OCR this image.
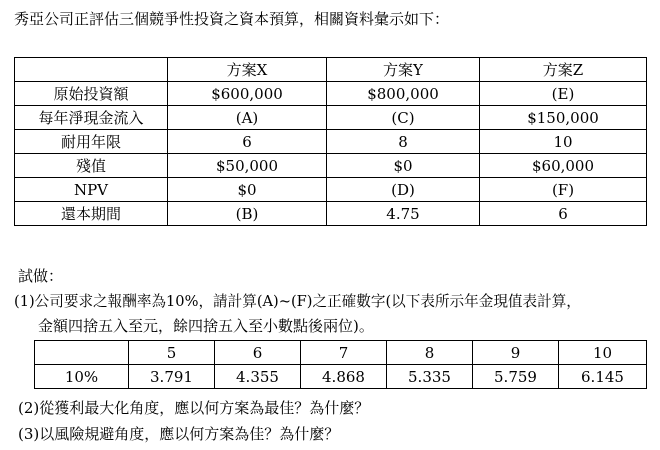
秀亞公司正評估三個競爭性投資之資本預算，相關資料彙示如下：
	方案X	方案Y	方案Z
原始投資額	$600,000	$800,000	(E)
每年淨現金流入	(A)	(C)	$150,000
耐用年限	6	8	10
殘值	$50,000	$0	$60,000
NPV	$0	(D)	(F)
還本期間	(B)	4.75	6
試做：
(1)公司要求之報酬率為10%，請計算(A)~(F)之正確數字(以下表所示年金現值表計算，
金額四捨五入至元，餘四捨五入至小數點後兩位)。
	5	6	7	8	9	10
10%	3.791	4.355	4.868	5.335	5.759	6.145
(2)從獲利最大化角度，應以何方案為最佳？為什麼？
(3)以風險規避角度，應以何方案為佳？為什麼？
